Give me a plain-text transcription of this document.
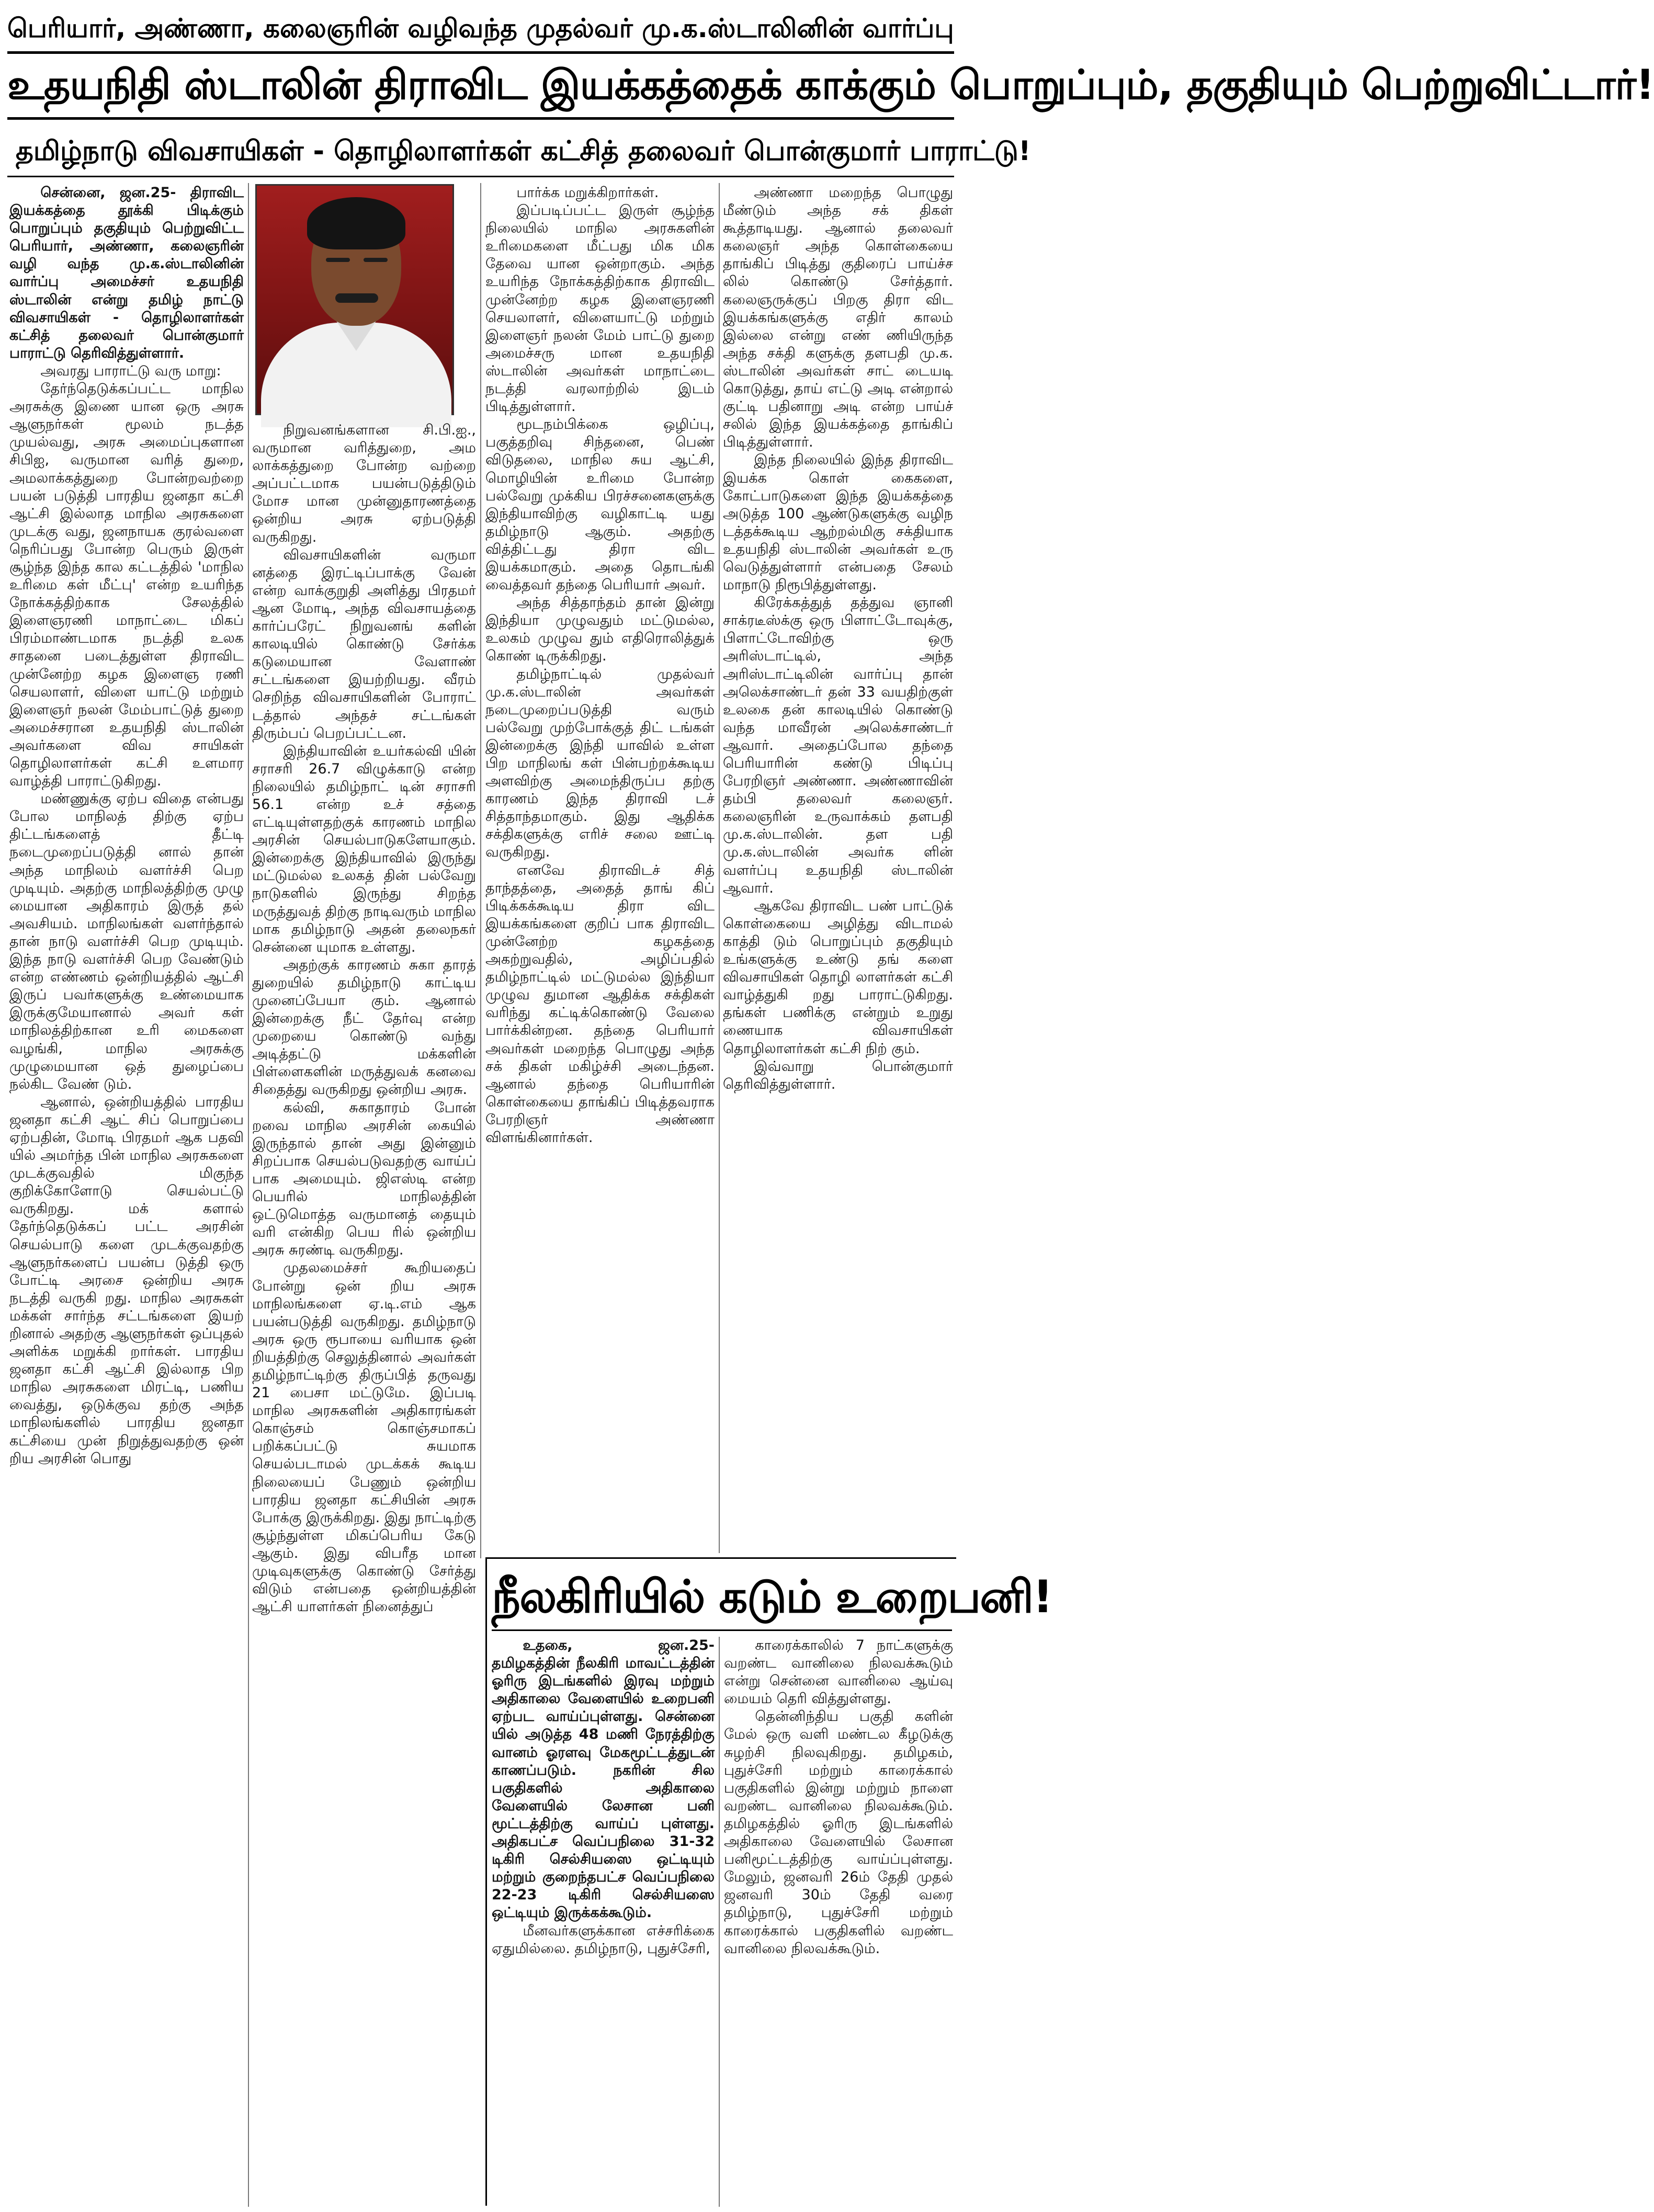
பெரியார், அண்ணா, கலைஞரின் வழிவந்த முதல்வர் மு.க.ஸ்டாலினின் வார்ப்பு
உதயநிதி ஸ்டாலின் திராவிட இயக்கத்தைக் காக்கும் பொறுப்பும், தகுதியும் பெற்றுவிட்டார்!
தமிழ்நாடு விவசாயிகள் - தொழிலாளர்கள் கட்சித் தலைவர் பொன்குமார் பாராட்டு!

சென்னை, ஜன.25- திராவிட இயக்கத்தை தூக்கி பிடிக்கும் பொறுப்பும் தகுதியும் பெற்றுவிட்ட பெரியார், அண்ணா, கலைஞரின் வழி வந்த மு.க.ஸ்டாலினின் வார்ப்பு அமைச்சர் உதயநிதி ஸ்டாலின் என்று தமிழ் நாட்டு விவசாயிகள் - தொழிலாளர்கள் கட்சித் தலைவர் பொன்குமார் பாராட்டு தெரிவித்துள்ளார்.

அவரது பாராட்டு வரு மாறு:

தேர்ந்தெடுக்கப்பட்ட மாநில அரசுக்கு இணை யான ஒரு அரசு ஆளுநர்கள் மூலம் நடத்த முயல்வது, அரசு அமைப்புகளான சிபிஐ, வருமான வரித் துறை, அமலாக்கத்துறை போன்றவற்றை பயன் படுத்தி பாரதிய ஜனதா கட்சி ஆட்சி இல்லாத மாநில அரசுகளை முடக்கு வது, ஜனநாயக குரல்வளை நெரிப்பது போன்ற பெரும் இருள் சூழ்ந்த இந்த கால கட்டத்தில் 'மாநில உரிமை கள் மீட்பு' என்ற உயரிந்த நோக்கத்திற்காக சேலத்தில் இளைஞரணி மாநாட்டை மிகப் பிரம்மாண்டமாக நடத்தி உலக சாதனை படைத்துள்ள திராவிட முன்னேற்ற கழக இளைஞ ரணி செயலாளர், விளை யாட்டு மற்றும் இளைஞர் நலன் மேம்பாட்டுத் துறை அமைச்சரான உதயநிதி ஸ்டாலின் அவர்களை விவ சாயிகள் தொழிலாளர்கள் கட்சி உளமார வாழ்த்தி பாராட்டுகிறது.

மண்ணுக்கு ஏற்ப விதை என்பது போல மாநிலத் திற்கு ஏற்ப திட்டங்களைத் தீட்டி நடைமுறைப்படுத்தி னால் தான் அந்த மாநிலம் வளர்ச்சி பெற முடியும். அதற்கு மாநிலத்திற்கு முழு மையான அதிகாரம் இருத் தல் அவசியம். மாநிலங்கள் வளர்ந்தால் தான் நாடு வளர்ச்சி பெற முடியும். இந்த நாடு வளர்ச்சி பெற வேண்டும் என்ற எண்ணம் ஒன்றியத்தில் ஆட்சி இருப் பவர்களுக்கு உண்மையாக இருக்குமேயானால் அவர் கள் மாநிலத்திற்கான உரி மைகளை வழங்கி, மாநில அரசுக்கு முழுமையான ஒத் துழைப்பை நல்கிட வேண் டும்.

ஆனால், ஒன்றியத்தில் பாரதிய ஜனதா கட்சி ஆட் சிப் பொறுப்பை ஏற்பதின், மோடி பிரதமர் ஆக பதவி யில் அமர்ந்த பின் மாநில அரசுகளை முடக்குவதில் மிகுந்த குறிக்கோளோடு செயல்பட்டு வருகிறது. மக் களால் தேர்ந்தெடுக்கப் பட்ட அரசின் செயல்பாடு களை முடக்குவதற்கு ஆளுநர்களைப் பயன்ப டுத்தி ஒரு போட்டி அரசை ஒன்றிய அரசு நடத்தி வருகி றது. மாநில அரசுகள் மக்கள் சார்ந்த சட்டங்களை இயற் றினால் அதற்கு ஆளுநர்கள் ஒப்புதல் அளிக்க மறுக்கி றார்கள். பாரதிய ஜனதா கட்சி ஆட்சி இல்லாத பிற மாநில அரசுகளை மிரட்டி, பணிய வைத்து, ஒடுக்குவ தற்கு அந்த மாநிலங்களில் பாரதிய ஜனதா கட்சியை முன் நிறுத்துவதற்கு ஒன் றிய அரசின் பொது

நிறுவனங்களான சி.பி.ஐ., வருமான வரித்துறை, அம லாக்கத்துறை போன்ற வற்றை அப்பட்டமாக பயன்படுத்திடும் மோச மான முன்னுதாரணத்தை ஒன்றிய அரசு ஏற்படுத்தி வருகிறது.

விவசாயிகளின் வருமா னத்தை இரட்டிப்பாக்கு வேன் என்ற வாக்குறுதி அளித்து பிரதமர் ஆன மோடி, அந்த விவசாயத்தை கார்ப்பரேட் நிறுவனங் களின் காலடியில் கொண்டு சேர்க்க கடுமையான வேளாண் சட்டங்களை இயற்றியது. வீரம் செறிந்த விவசாயிகளின் போராட் டத்தால் அந்தச் சட்டங்கள் திரும்பப் பெறப்பட்டன.

இந்தியாவின் உயர்கல்வி யின் சராசரி 26.7 விழுக்காடு என்ற நிலையில் தமிழ்நாட் டின் சராசரி 56.1 என்ற உச் சத்தை எட்டியுள்ளதற்குக் காரணம் மாநில அரசின் செயல்பாடுகளேயாகும். இன்றைக்கு இந்தியாவில் இருந்து மட்டுமல்ல உலகத் தின் பல்வேறு நாடுகளில் இருந்து சிறந்த மருத்துவத் திற்கு நாடிவரும் மாநில மாக தமிழ்நாடு அதன் தலைநகர் சென்னை யுமாக உள்ளது.

அதற்குக் காரணம் சுகா தாரத் துறையில் தமிழ்நாடு காட்டிய முனைப்பேயா கும். ஆனால் இன்றைக்கு நீட் தேர்வு என்ற முறையை கொண்டு வந்து அடித்தட்டு மக்களின் பிள்ளைகளின் மருத்துவக் கனவை சிதைத்து வருகிறது ஒன்றிய அரசு.

கல்வி, சுகாதாரம் போன் றவை மாநில அரசின் கையில் இருந்தால் தான் அது இன்னும் சிறப்பாக செயல்படுவதற்கு வாய்ப் பாக அமையும். ஜிஎஸ்டி என்ற பெயரில் மாநிலத்தின் ஒட்டுமொத்த வருமானத் தையும் வரி என்கிற பெய ரில் ஒன்றிய அரசு சுரண்டி வருகிறது.

முதலமைச்சர் கூறியதைப் போன்று ஒன் றிய அரசு மாநிலங்களை ஏ.டி.எம் ஆக பயன்படுத்தி வருகிறது. தமிழ்நாடு அரசு ஒரு ரூபாயை வரியாக ஒன் றியத்திற்கு செலுத்தினால் அவர்கள் தமிழ்நாட்டிற்கு திருப்பித் தருவது 21 பைசா மட்டுமே. இப்படி மாநில அரசுகளின் அதிகாரங்கள் கொஞ்சம் கொஞ்சமாகப் பறிக்கப்பட்டு சுயமாக செயல்படாமல் முடக்கக் கூடிய நிலையைப் பேணும் ஒன்றிய பாரதிய ஜனதா கட்சியின் அரசு போக்கு இருக்கிறது. இது நாட்டிற்கு சூழ்ந்துள்ள மிகப்பெரிய கேடு ஆகும். இது விபரீத மான முடிவுகளுக்கு கொண்டு சேர்த்து விடும் என்பதை ஒன்றியத்தின் ஆட்சி யாளர்கள் நினைத்துப்

பார்க்க மறுக்கிறார்கள்.

இப்படிப்பட்ட இருள் சூழ்ந்த நிலையில் மாநில அரசுகளின் உரிமைகளை மீட்பது மிக மிக தேவை யான ஒன்றாகும். அந்த உயரிந்த நோக்கத்திற்காக திராவிட முன்னேற்ற கழக இளைஞரணி செயலாளர், விளையாட்டு மற்றும் இளைஞர் நலன் மேம் பாட்டு துறை அமைச்சரு மான உதயநிதி ஸ்டாலின் அவர்கள் மாநாட்டை நடத்தி வரலாற்றில் இடம் பிடித்துள்ளார்.

மூடநம்பிக்கை ஒழிப்பு, பகுத்தறிவு சிந்தனை, பெண் விடுதலை, மாநில சுய ஆட்சி, மொழியின் உரிமை போன்ற பல்வேறு முக்கிய பிரச்சனைகளுக்கு இந்தியாவிற்கு வழிகாட்டி யது தமிழ்நாடு ஆகும். அதற்கு வித்திட்டது திரா விட இயக்கமாகும். அதை தொடங்கி வைத்தவர் தந்தை பெரியார் அவர்.

அந்த சித்தாந்தம் தான் இன்று இந்தியா முழுவதும் மட்டுமல்ல, உலகம் முழுவ தும் எதிரொலித்துக் கொண் டிருக்கிறது.

தமிழ்நாட்டில் முதல்வர் மு.க.ஸ்டாலின் அவர்கள் நடைமுறைப்படுத்தி வரும் பல்வேறு முற்போக்குத் திட் டங்கள் இன்றைக்கு இந்தி யாவில் உள்ள பிற மாநிலங் கள் பின்பற்றக்கூடிய அளவிற்கு அமைந்திருப்ப தற்கு காரணம் இந்த திராவி டச் சித்தாந்தமாகும். இது ஆதிக்க சக்திகளுக்கு எரிச் சலை ஊட்டி வருகிறது.

எனவே திராவிடச் சித் தாந்தத்தை, அதைத் தாங் கிப் பிடிக்கக்கூடிய திரா விட இயக்கங்களை குறிப் பாக திராவிட முன்னேற்ற கழகத்தை அகற்றுவதில், அழிப்பதில் தமிழ்நாட்டில் மட்டுமல்ல இந்தியா முழுவ துமான ஆதிக்க சக்திகள் வரிந்து கட்டிக்கொண்டு வேலை பார்க்கின்றன. தந்தை பெரியார் அவர்கள் மறைந்த பொழுது அந்த சக் திகள் மகிழ்ச்சி அடைந்தன. ஆனால் தந்தை பெரியாரின் கொள்கையை தாங்கிப் பிடித்தவராக பேரறிஞர் அண்ணா விளங்கினார்கள்.

அண்ணா மறைந்த பொழுது மீண்டும் அந்த சக் திகள் கூத்தாடியது. ஆனால் தலைவர் கலைஞர் அந்த கொள்கையை தாங்கிப் பிடித்து குதிரைப் பாய்ச்ச லில் கொண்டு சேர்த்தார். கலைஞருக்குப் பிறகு திரா விட இயக்கங்களுக்கு எதிர் காலம் இல்லை என்று எண் ணியிருந்த அந்த சக்தி களுக்கு தளபதி மு.க. ஸ்டாலின் அவர்கள் சாட் டையடி கொடுத்து, தாய் எட்டு அடி என்றால் குட்டி பதினாறு அடி என்ற பாய்ச் சலில் இந்த இயக்கத்தை தாங்கிப் பிடித்துள்ளார்.

இந்த நிலையில் இந்த திராவிட இயக்க கொள் கைகளை, கோட்பாடுகளை இந்த இயக்கத்தை அடுத்த 100 ஆண்டுகளுக்கு வழிந டத்தக்கூடிய ஆற்றல்மிகு சக்தியாக உதயநிதி ஸ்டாலின் அவர்கள் உரு வெடுத்துள்ளார் என்பதை சேலம் மாநாடு நிரூபித்துள்ளது.

கிரேக்கத்துத் தத்துவ ஞானி சாக்ரடீஸ்க்கு ஒரு பிளாட்டோவுக்கு, பிளாட்டோவிற்கு ஒரு அரிஸ்டாட்டில், அந்த அரிஸ்டாட்டிலின் வார்ப்பு தான் அலெக்சாண்டர் தன் 33 வயதிற்குள் உலகை தன் காலடியில் கொண்டு வந்த மாவீரன் அலெக்சாண்டர் ஆவார். அதைப்போல தந்தை பெரியாரின் கண்டு பிடிப்பு பேரறிஞர் அண்ணா. அண்ணாவின் தம்பி தலைவர் கலைஞர். கலைஞரின் உருவாக்கம் தளபதி மு.க.ஸ்டாலின். தள பதி மு.க.ஸ்டாலின் அவர்க ளின் வளர்ப்பு உதயநிதி ஸ்டாலின் ஆவார்.

ஆகவே திராவிட பண் பாட்டுக் கொள்கையை அழித்து விடாமல் காத்தி டும் பொறுப்பும் தகுதியும் உங்களுக்கு உண்டு தங் களை விவசாயிகள் தொழி லாளர்கள் கட்சி வாழ்த்துகி றது பாராட்டுகிறது. தங்கள் பணிக்கு என்றும் உறுது ணையாக விவசாயிகள் தொழிலாளர்கள் கட்சி நிற் கும்.

இவ்வாறு பொன்குமார் தெரிவித்துள்ளார்.

நீலகிரியில் கடும் உறைபனி!

உதகை, ஜன.25- தமிழகத்தின் நீலகிரி மாவட்டத்தின் ஓரிரு இடங்களில் இரவு மற்றும் அதிகாலை வேளையில் உறைபனி ஏற்பட வாய்ப்புள்ளது. சென்னை யில் அடுத்த 48 மணி நேரத்திற்கு வானம் ஓரளவு மேகமூட்டத்துடன் காணப்படும். நகரின் சில பகுதிகளில் அதிகாலை வேளையில் லேசான பனி மூட்டத்திற்கு வாய்ப் புள்ளது. அதிகபட்ச வெப்பநிலை 31-32 டிகிரி செல்சியஸை ஒட்டியும் மற்றும் குறைந்தபட்ச வெப்பநிலை 22-23 டிகிரி செல்சியஸை ஒட்டியும் இருக்கக்கூடும்.

மீனவர்களுக்கான எச்சரிக்கை ஏதுமில்லை. தமிழ்நாடு, புதுச்சேரி,

காரைக்காலில் 7 நாட்களுக்கு வறண்ட வானிலை நிலவக்கூடும் என்று சென்னை வானிலை ஆய்வு மையம் தெரி வித்துள்ளது.

தென்னிந்திய பகுதி களின் மேல் ஒரு வளி மண்டல கீழடுக்கு சுழற்சி நிலவுகிறது. தமிழகம், புதுச்சேரி மற்றும் காரைக்கால் பகுதிகளில் இன்று மற்றும் நாளை வறண்ட வானிலை நிலவக்கூடும். தமிழகத்தில் ஓரிரு இடங்களில் அதிகாலை வேளையில் லேசான பனிமூட்டத்திற்கு வாய்ப்புள்ளது. மேலும், ஜனவரி 26ம் தேதி முதல் ஜனவரி 30ம் தேதி வரை தமிழ்நாடு, புதுச்சேரி மற்றும் காரைக்கால் பகுதிகளில் வறண்ட வானிலை நிலவக்கூடும்.
